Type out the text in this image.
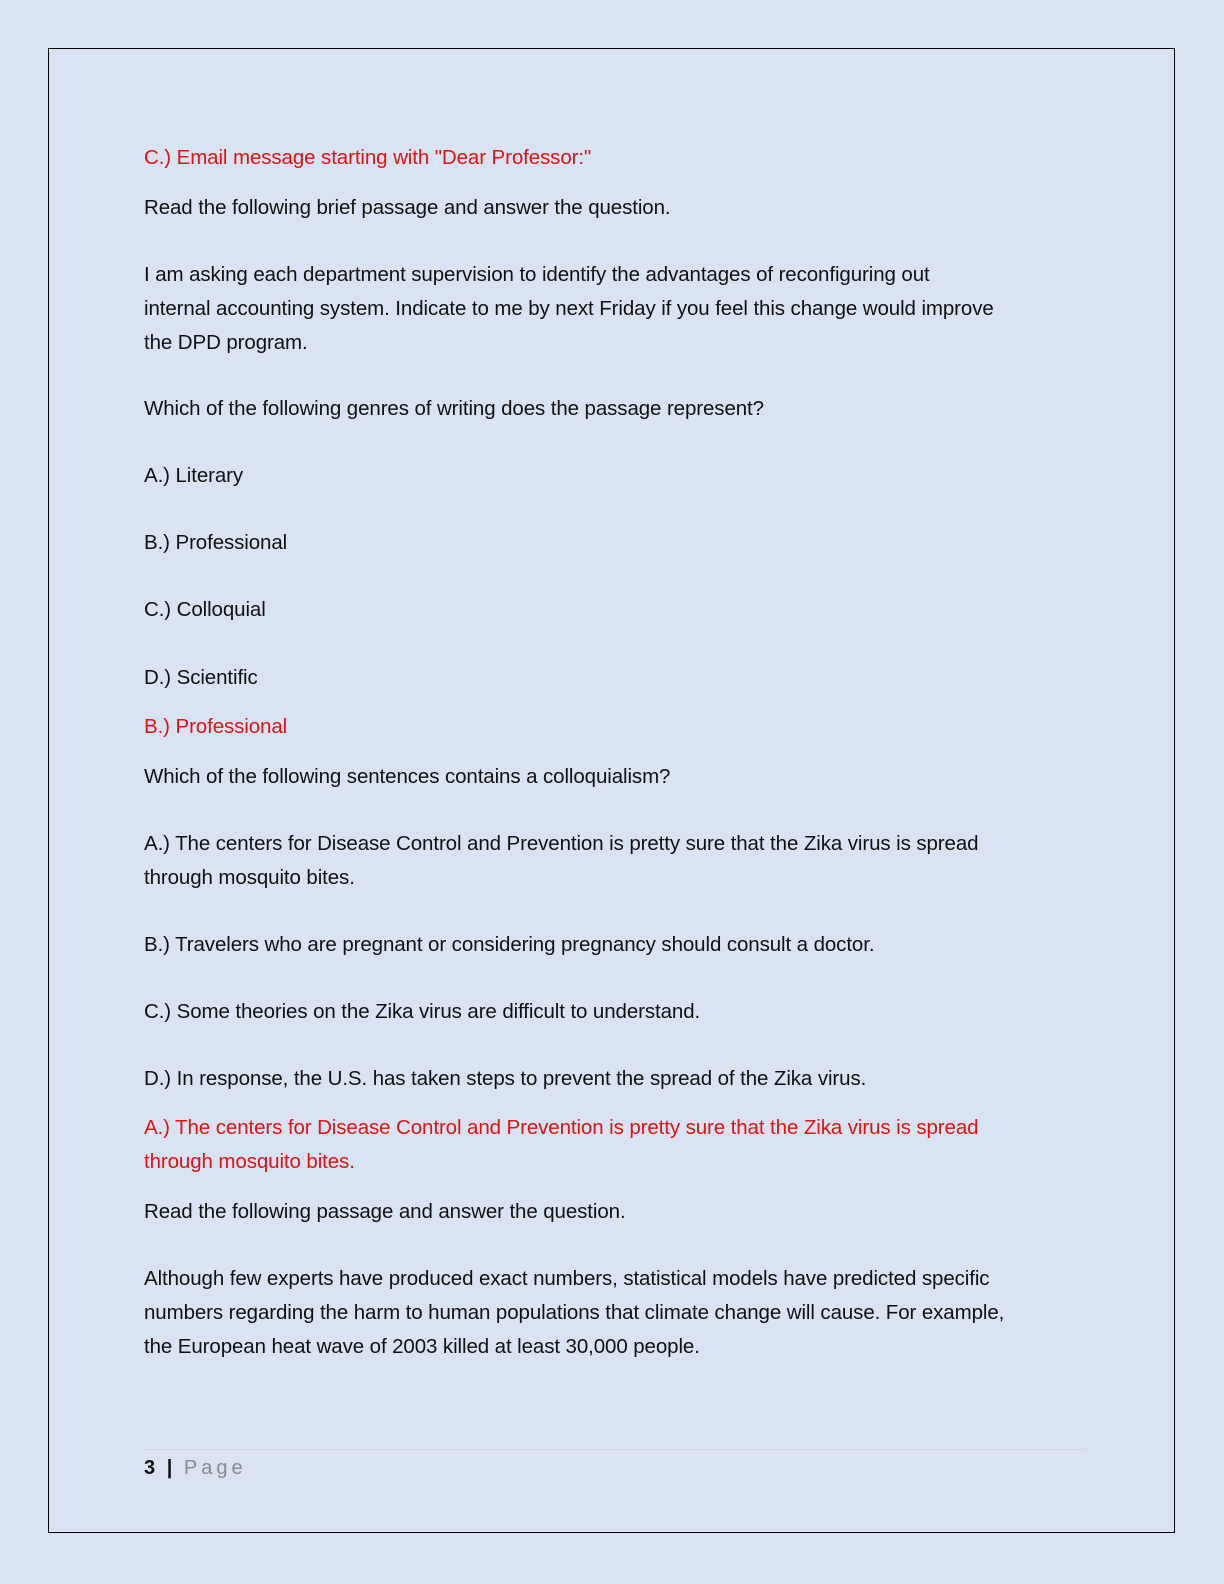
C.) Email message starting with "Dear Professor:"
Read the following brief passage and answer the question.
I am asking each department supervision to identify the advantages of reconfiguring out
internal accounting system. Indicate to me by next Friday if you feel this change would improve
the DPD program.
Which of the following genres of writing does the passage represent?
A.) Literary
B.) Professional
C.) Colloquial
D.) Scientific
B.) Professional
Which of the following sentences contains a colloquialism?
A.) The centers for Disease Control and Prevention is pretty sure that the Zika virus is spread
through mosquito bites.
B.) Travelers who are pregnant or considering pregnancy should consult a doctor.
C.) Some theories on the Zika virus are difficult to understand.
D.) In response, the U.S. has taken steps to prevent the spread of the Zika virus.
A.) The centers for Disease Control and Prevention is pretty sure that the Zika virus is spread
through mosquito bites.
Read the following passage and answer the question.
Although few experts have produced exact numbers, statistical models have predicted specific
numbers regarding the harm to human populations that climate change will cause. For example,
the European heat wave of 2003 killed at least 30,000 people.
3 | Page
